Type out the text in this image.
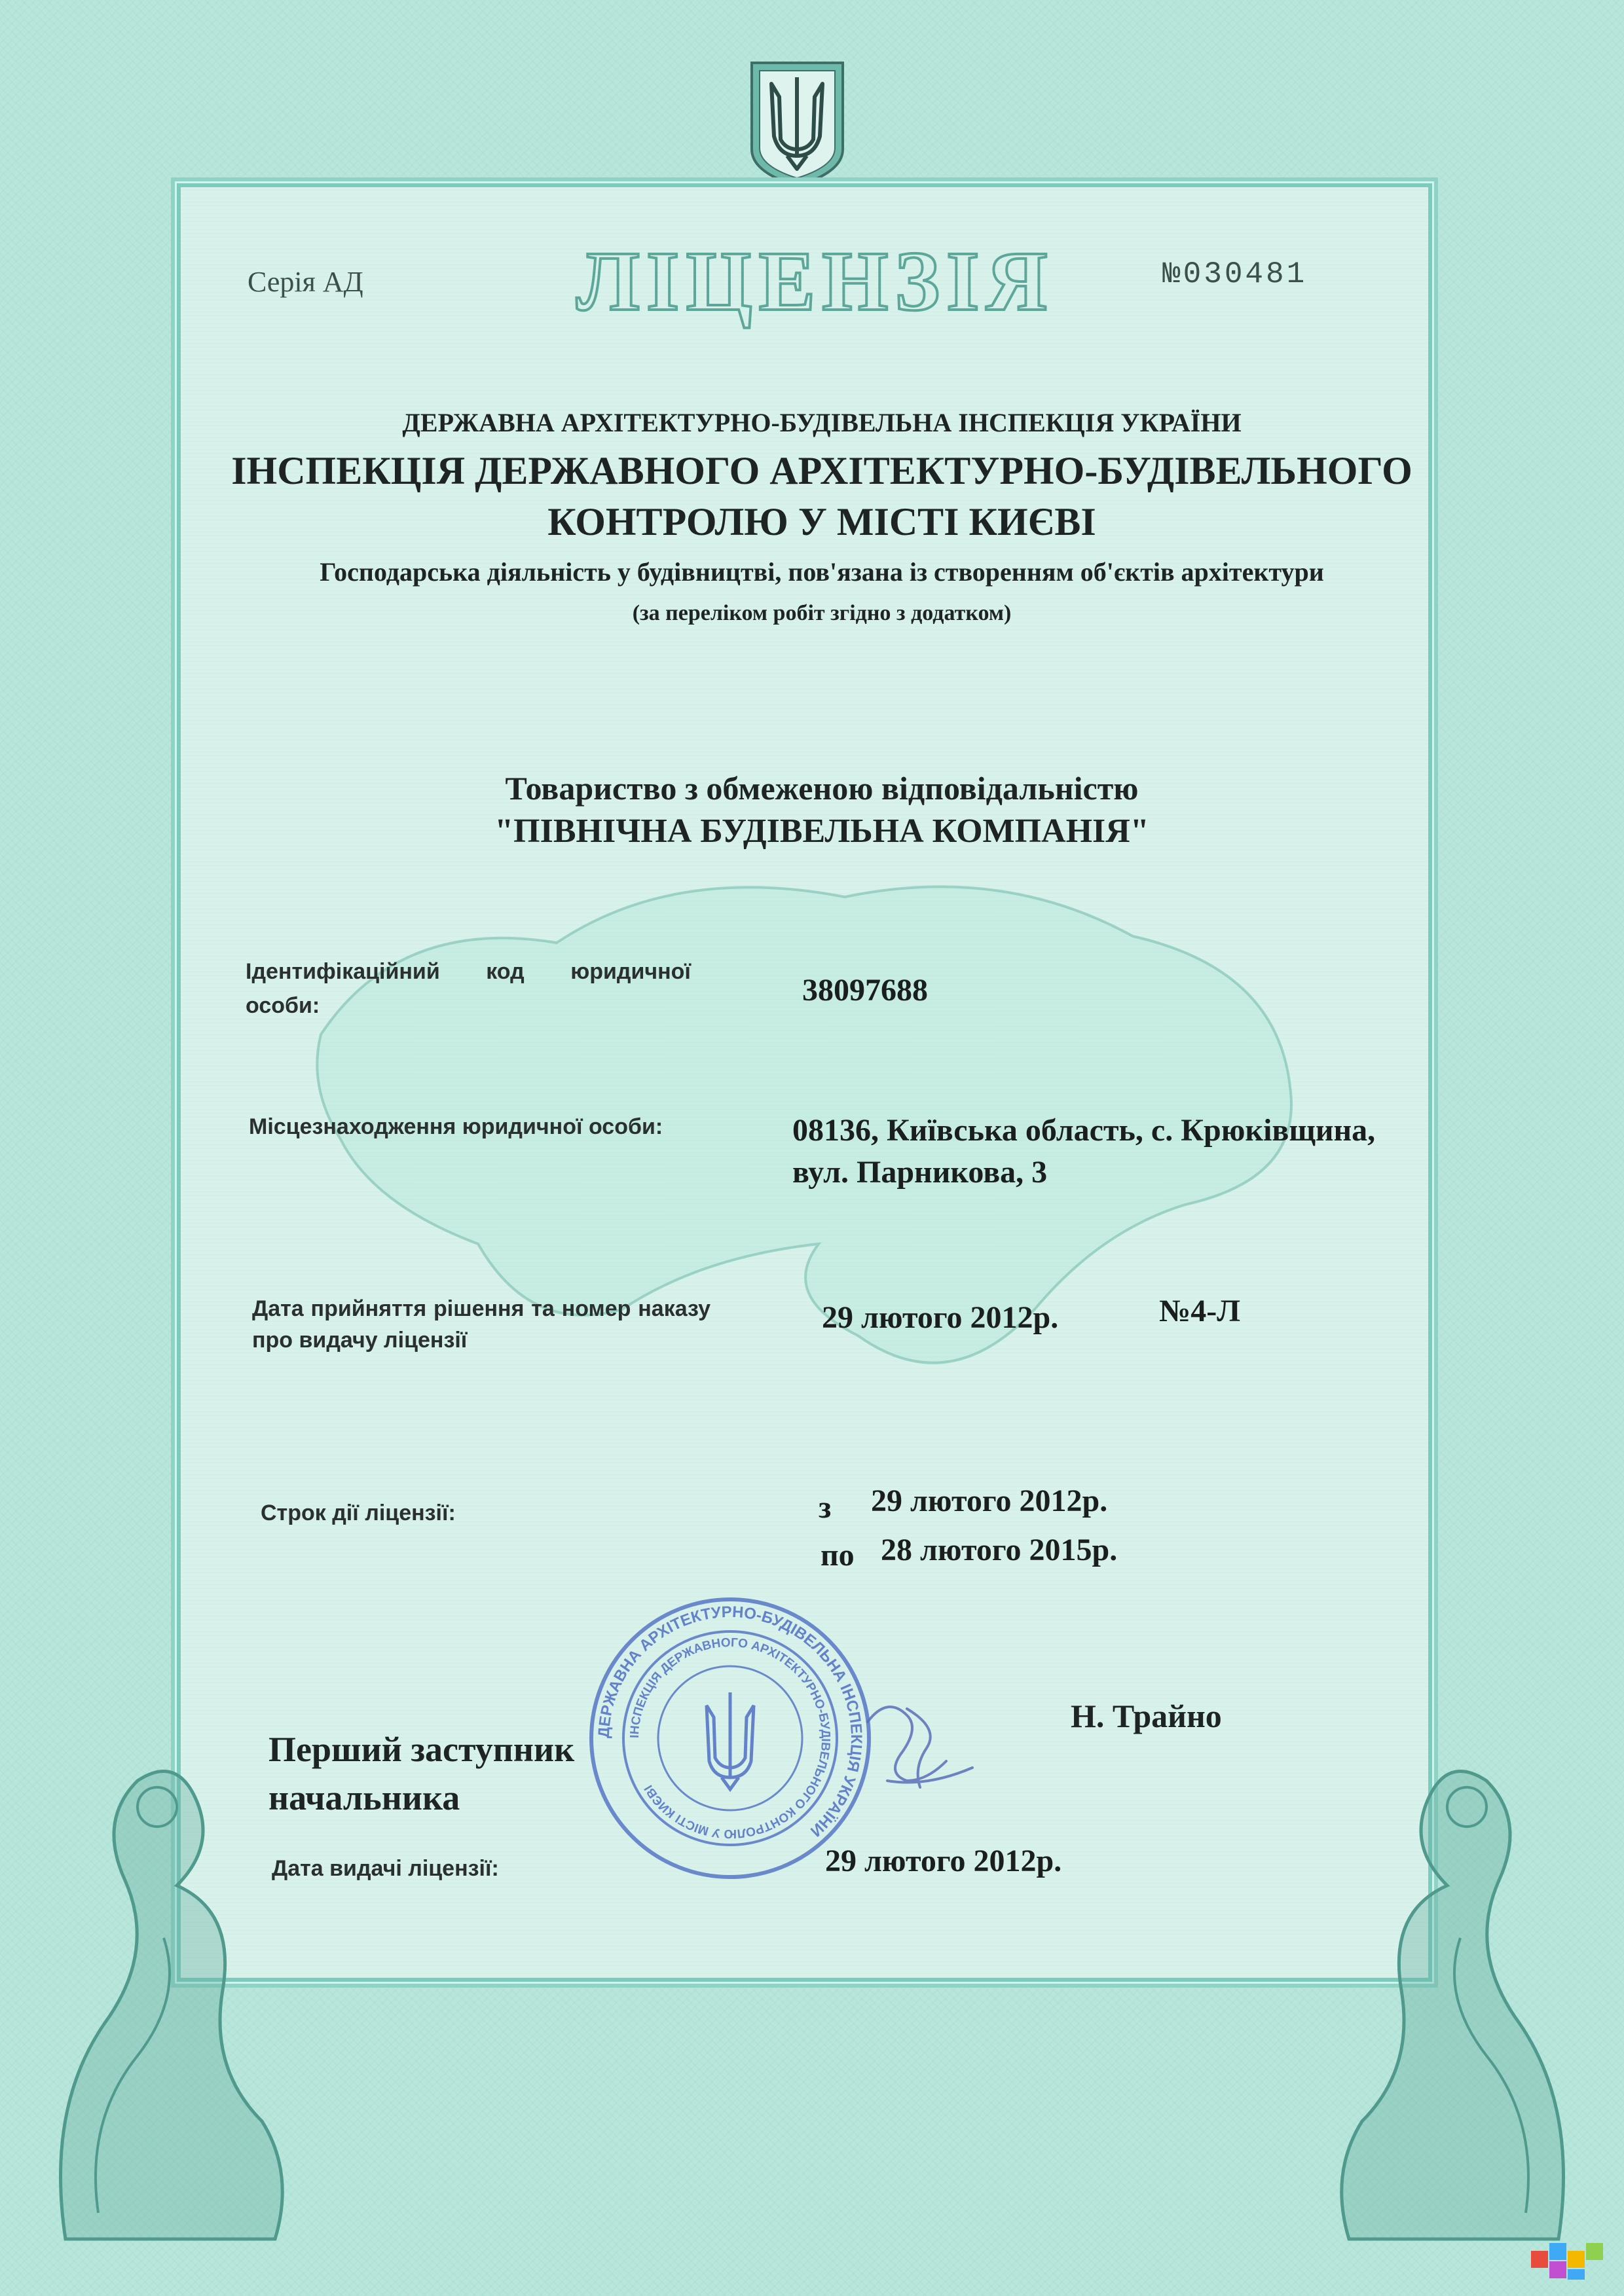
Серія АД	ЛІЦЕНЗІЯ	№030481
ДЕРЖАВНА АРХІТЕКТУРНО-БУДІВЕЛЬНА ІНСПЕКЦІЯ УКРАЇНИ
ІНСПЕКЦІЯ ДЕРЖАВНОГО АРХІТЕКТУРНО-БУДІВЕЛЬНОГО
КОНТРОЛЮ У МІСТІ КИЄВІ
Господарська діяльність у будівництві, пов'язана із створенням об'єктів архітектури
(за переліком робіт згідно з додатком)
Товариство з обмеженою відповідальністю
"ПІВНІЧНА БУДІВЕЛЬНА КОМПАНІЯ"
Ідентифікаційний код юридичної особи:	38097688
Місцезнаходження юридичної особи:	08136, Київська область, с. Крюківщина,
вул. Парникова, 3
Дата прийняття рішення та номер наказу про видачу ліцензії
29 лютого 2012р.	№4-Л
Строк дії ліцензії:	з 29 лютого 2012р.
по 28 лютого 2015р.
Перший заступник
начальника
Н. Трайно
Дата видачі ліцензії:	29 лютого 2012р.
ДЕРЖАВНА АРХІТЕКТУРНО-БУДІВЕЛЬНА ІНСПЕКЦІЯ УКРАЇНИ
ІНСПЕКЦІЯ ДЕРЖАВНОГО АРХІТЕКТУРНО-БУДІВЕЛЬНОГО КОНТРОЛЮ У МІСТІ КИЄВІ
